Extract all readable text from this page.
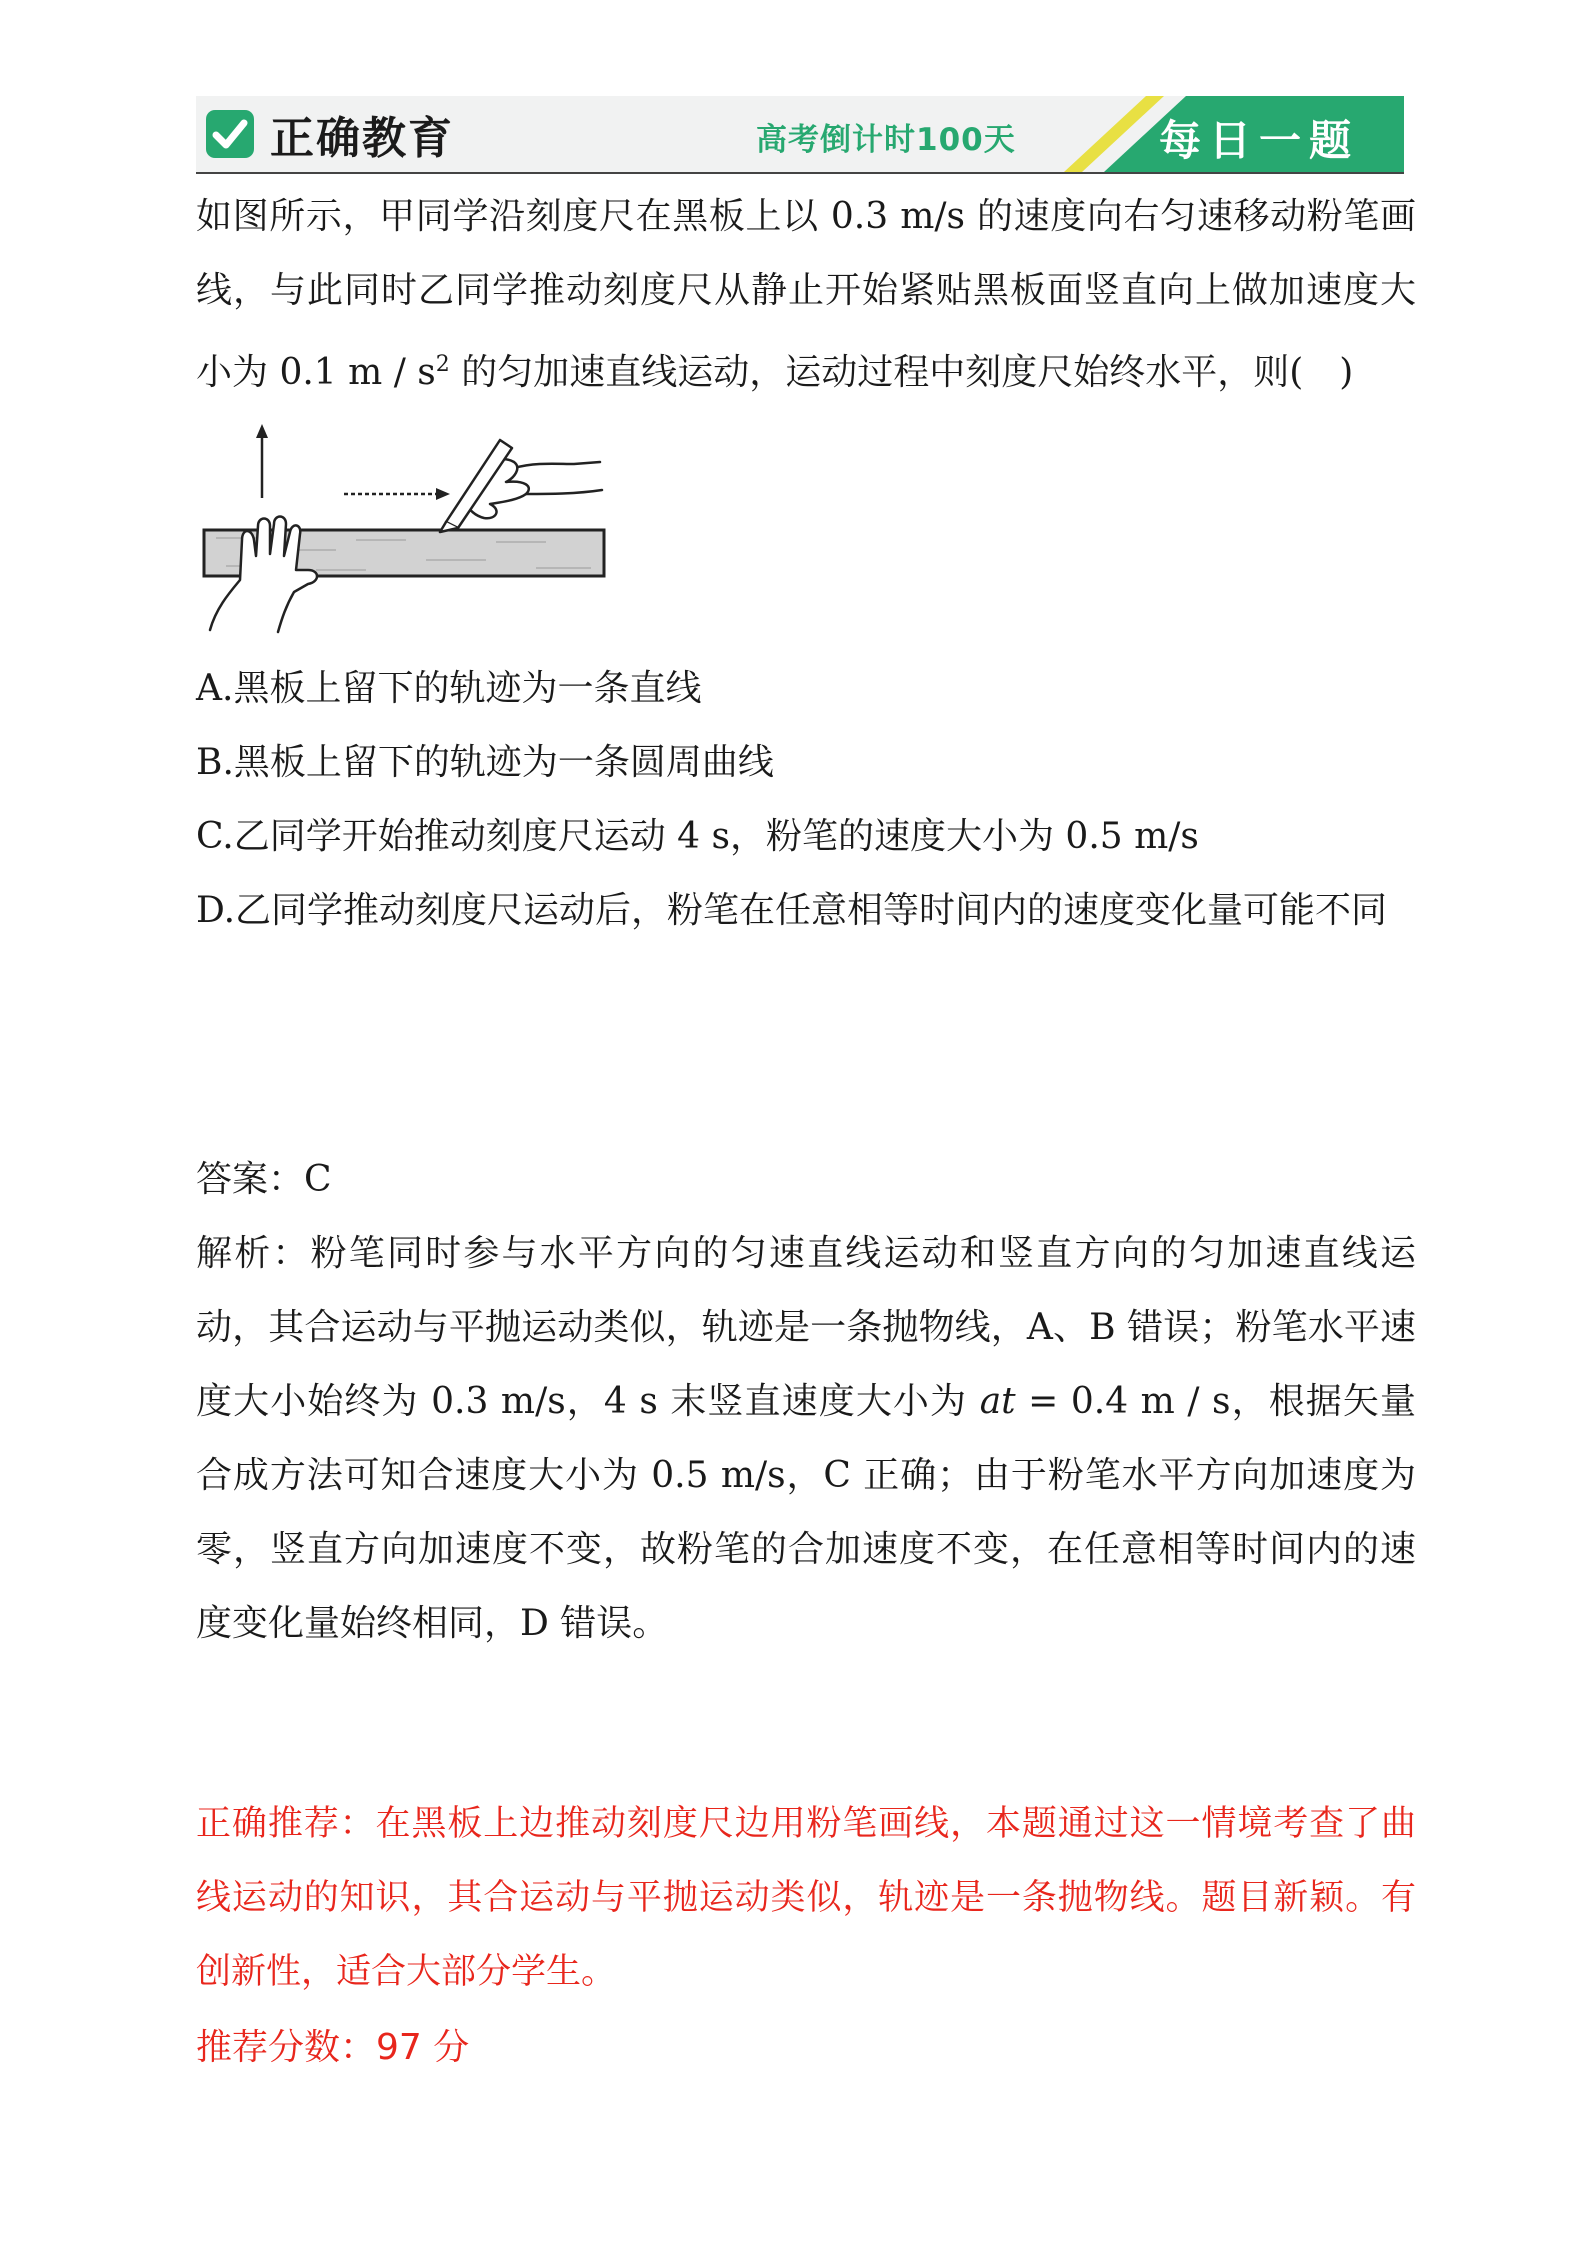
正确教育	高考倒计时100天	每日一题

如图所示，甲同学沿刻度尺在黑板上以 0.3 m/s 的速度向右匀速移动粉笔画线，与此同时乙同学推动刻度尺从静止开始紧贴黑板面竖直向上做加速度大小为 0.1 m / $s^2$ 的匀加速直线运动，运动过程中刻度尺始终水平，则(　)

A.黑板上留下的轨迹为一条直线

B.黑板上留下的轨迹为一条圆周曲线

C.乙同学开始推动刻度尺运动 4 s，粉笔的速度大小为 0.5 m/s

D.乙同学推动刻度尺运动后，粉笔在任意相等时间内的速度变化量可能不同

答案：C

解析：粉笔同时参与水平方向的匀速直线运动和竖直方向的匀加速直线运动，其合运动与平抛运动类似，轨迹是一条抛物线，A、B 错误；粉笔水平速度大小始终为 0.3 m/s，4 s 末竖直速度大小为 at = 0.4 m / s，根据矢量合成方法可知合速度大小为 0.5 m/s，C 正确；由于粉笔水平方向加速度为零，竖直方向加速度不变，故粉笔的合加速度不变，在任意相等时间内的速度变化量始终相同，D 错误。

正确推荐：在黑板上边推动刻度尺边用粉笔画线，本题通过这一情境考查了曲线运动的知识，其合运动与平抛运动类似，轨迹是一条抛物线。题目新颖。有创新性，适合大部分学生。

推荐分数：97 分
